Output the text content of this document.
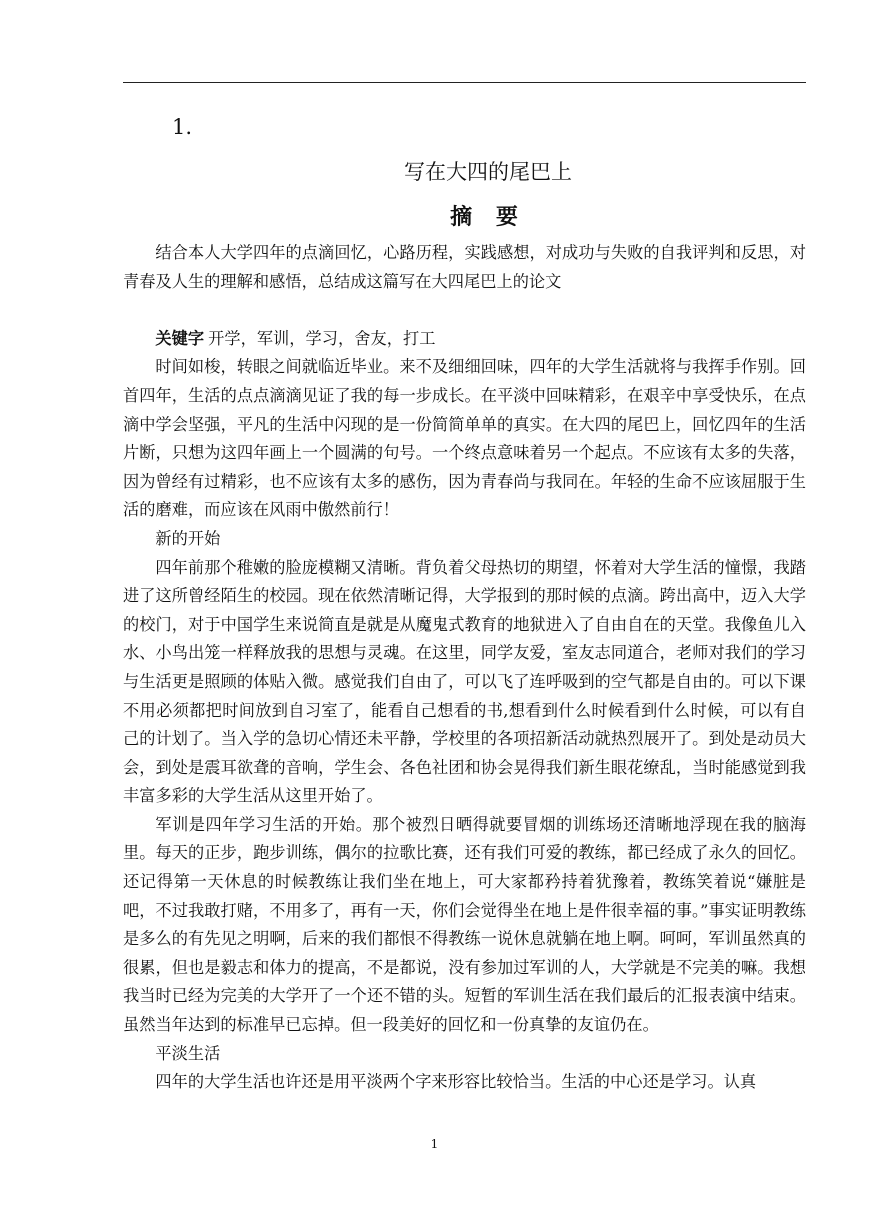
1.
写在大四的尾巴上
摘 要

结合本人大学四年的点滴回忆，心路历程，实践感想，对成功与失败的自我评判和反思，对青春及人生的理解和感悟，总结成这篇写在大四尾巴上的论文

关键字 开学，军训，学习，舍友，打工

时间如梭，转眼之间就临近毕业。来不及细细回味，四年的大学生活就将与我挥手作别。回首四年，生活的点点滴滴见证了我的每一步成长。在平淡中回味精彩，在艰辛中享受快乐，在点滴中学会坚强，平凡的生活中闪现的是一份简简单单的真实。在大四的尾巴上，回忆四年的生活片断，只想为这四年画上一个圆满的句号。一个终点意味着另一个起点。不应该有太多的失落，因为曾经有过精彩，也不应该有太多的感伤，因为青春尚与我同在。年轻的生命不应该屈服于生活的磨难，而应该在风雨中傲然前行！

新的开始

四年前那个稚嫩的脸庞模糊又清晰。背负着父母热切的期望，怀着对大学生活的憧憬，我踏进了这所曾经陌生的校园。现在依然清晰记得，大学报到的那时候的点滴。跨出高中，迈入大学的校门，对于中国学生来说简直是就是从魔鬼式教育的地狱进入了自由自在的天堂。我像鱼儿入水、小鸟出笼一样释放我的思想与灵魂。在这里，同学友爱，室友志同道合，老师对我们的学习与生活更是照顾的体贴入微。感觉我们自由了，可以飞了连呼吸到的空气都是自由的。可以下课不用必须都把时间放到自习室了，能看自己想看的书,想看到什么时候看到什么时候，可以有自己的计划了。当入学的急切心情还未平静，学校里的各项招新活动就热烈展开了。到处是动员大会，到处是震耳欲聋的音响，学生会、各色社团和协会晃得我们新生眼花缭乱，当时能感觉到我丰富多彩的大学生活从这里开始了。

军训是四年学习生活的开始。那个被烈日晒得就要冒烟的训练场还清晰地浮现在我的脑海里。每天的正步，跑步训练，偶尔的拉歌比赛，还有我们可爱的教练，都已经成了永久的回忆。还记得第一天休息的时候教练让我们坐在地上，可大家都矜持着犹豫着，教练笑着说“嫌脏是吧，不过我敢打赌，不用多了，再有一天，你们会觉得坐在地上是件很幸福的事。”事实证明教练是多么的有先见之明啊，后来的我们都恨不得教练一说休息就躺在地上啊。呵呵，军训虽然真的很累，但也是毅志和体力的提高，不是都说，没有参加过军训的人，大学就是不完美的嘛。我想我当时已经为完美的大学开了一个还不错的头。短暂的军训生活在我们最后的汇报表演中结束。虽然当年达到的标准早已忘掉。但一段美好的回忆和一份真挚的友谊仍在。

平淡生活

四年的大学生活也许还是用平淡两个字来形容比较恰当。生活的中心还是学习。认真

1
